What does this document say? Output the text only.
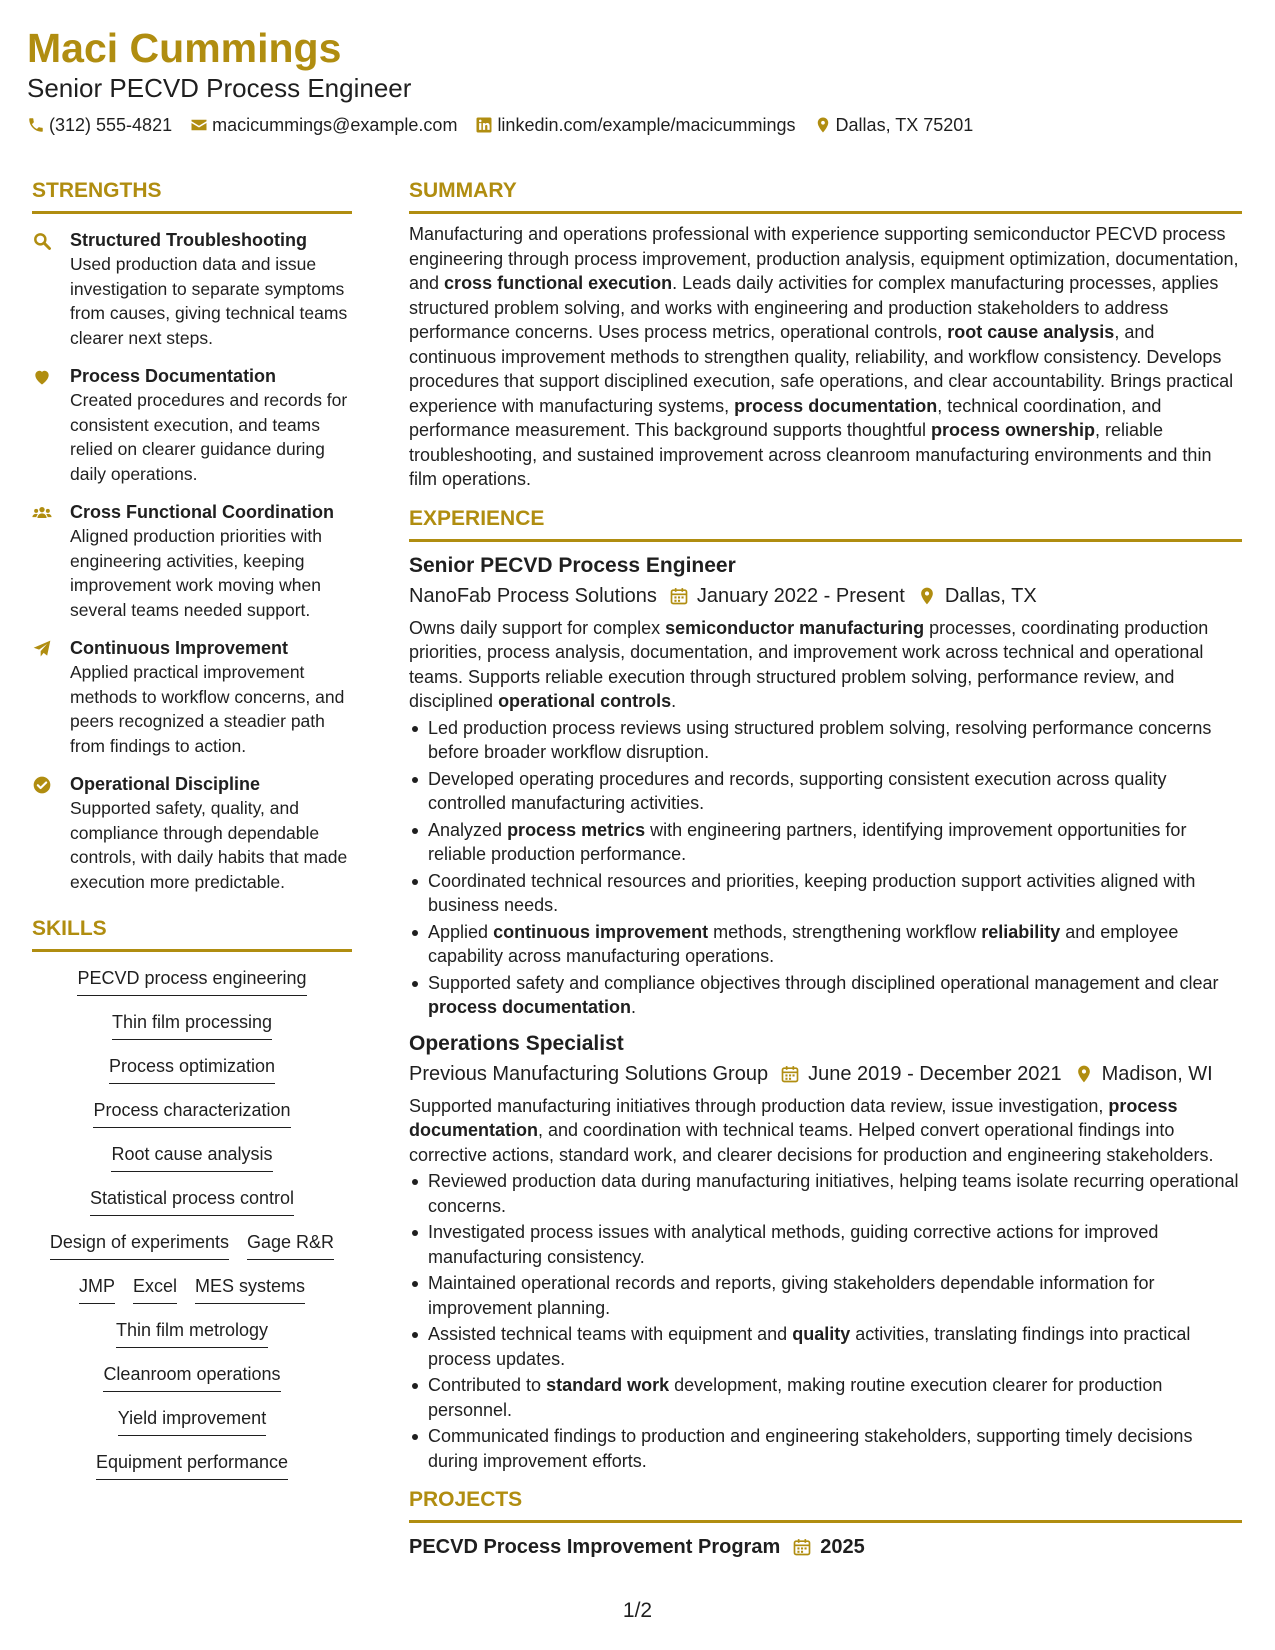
Maci Cummings
Senior PECVD Process Engineer
(312) 555-4821 macicummings@example.com linkedin.com/example/macicummings Dallas, TX 75201
STRENGTHS
Structured Troubleshooting
Used production data and issue investigation to separate symptoms from causes, giving technical teams clearer next steps.
Process Documentation
Created procedures and records for consistent execution, and teams relied on clearer guidance during daily operations.
Cross Functional Coordination
Aligned production priorities with engineering activities, keeping improvement work moving when several teams needed support.
Continuous Improvement
Applied practical improvement methods to workflow concerns, and peers recognized a steadier path from findings to action.
Operational Discipline
Supported safety, quality, and compliance through dependable controls, with daily habits that made execution more predictable.
SKILLS
PECVD process engineering
Thin film processing
Process optimization
Process characterization
Root cause analysis
Statistical process control
Design of experiments Gage R&R
JMP Excel MES systems
Thin film metrology
Cleanroom operations
Yield improvement
Equipment performance
SUMMARY

Manufacturing and operations professional with experience supporting semiconductor PECVD process engineering through process improvement, production analysis, equipment optimization, documentation, and cross functional execution. Leads daily activities for complex manufacturing processes, applies structured problem solving, and works with engineering and production stakeholders to address performance concerns. Uses process metrics, operational controls, root cause analysis, and continuous improvement methods to strengthen quality, reliability, and workflow consistency. Develops procedures that support disciplined execution, safe operations, and clear accountability. Brings practical experience with manufacturing systems, process documentation, technical coordination, and performance measurement. This background supports thoughtful process ownership, reliable troubleshooting, and sustained improvement across cleanroom manufacturing environments and thin film operations.

EXPERIENCE
Senior PECVD Process Engineer
NanoFab Process Solutions January 2022 - Present Dallas, TX

Owns daily support for complex semiconductor manufacturing processes, coordinating production priorities, process analysis, documentation, and improvement work across technical and operational teams. Supports reliable execution through structured problem solving, performance review, and disciplined operational controls.

Led production process reviews using structured problem solving, resolving performance concerns before broader workflow disruption.
Developed operating procedures and records, supporting consistent execution across quality controlled manufacturing activities.
Analyzed process metrics with engineering partners, identifying improvement opportunities for reliable production performance.
Coordinated technical resources and priorities, keeping production support activities aligned with business needs.
Applied continuous improvement methods, strengthening workflow reliability and employee capability across manufacturing operations.
Supported safety and compliance objectives through disciplined operational management and clear process documentation.
Operations Specialist
Previous Manufacturing Solutions Group June 2019 - December 2021 Madison, WI

Supported manufacturing initiatives through production data review, issue investigation, process documentation, and coordination with technical teams. Helped convert operational findings into corrective actions, standard work, and clearer decisions for production and engineering stakeholders.

Reviewed production data during manufacturing initiatives, helping teams isolate recurring operational concerns.
Investigated process issues with analytical methods, guiding corrective actions for improved manufacturing consistency.
Maintained operational records and reports, giving stakeholders dependable information for improvement planning.
Assisted technical teams with equipment and quality activities, translating findings into practical process updates.
Contributed to standard work development, making routine execution clearer for production personnel.
Communicated findings to production and engineering stakeholders, supporting timely decisions during improvement efforts.
PROJECTS
PECVD Process Improvement Program 2025
1/2
